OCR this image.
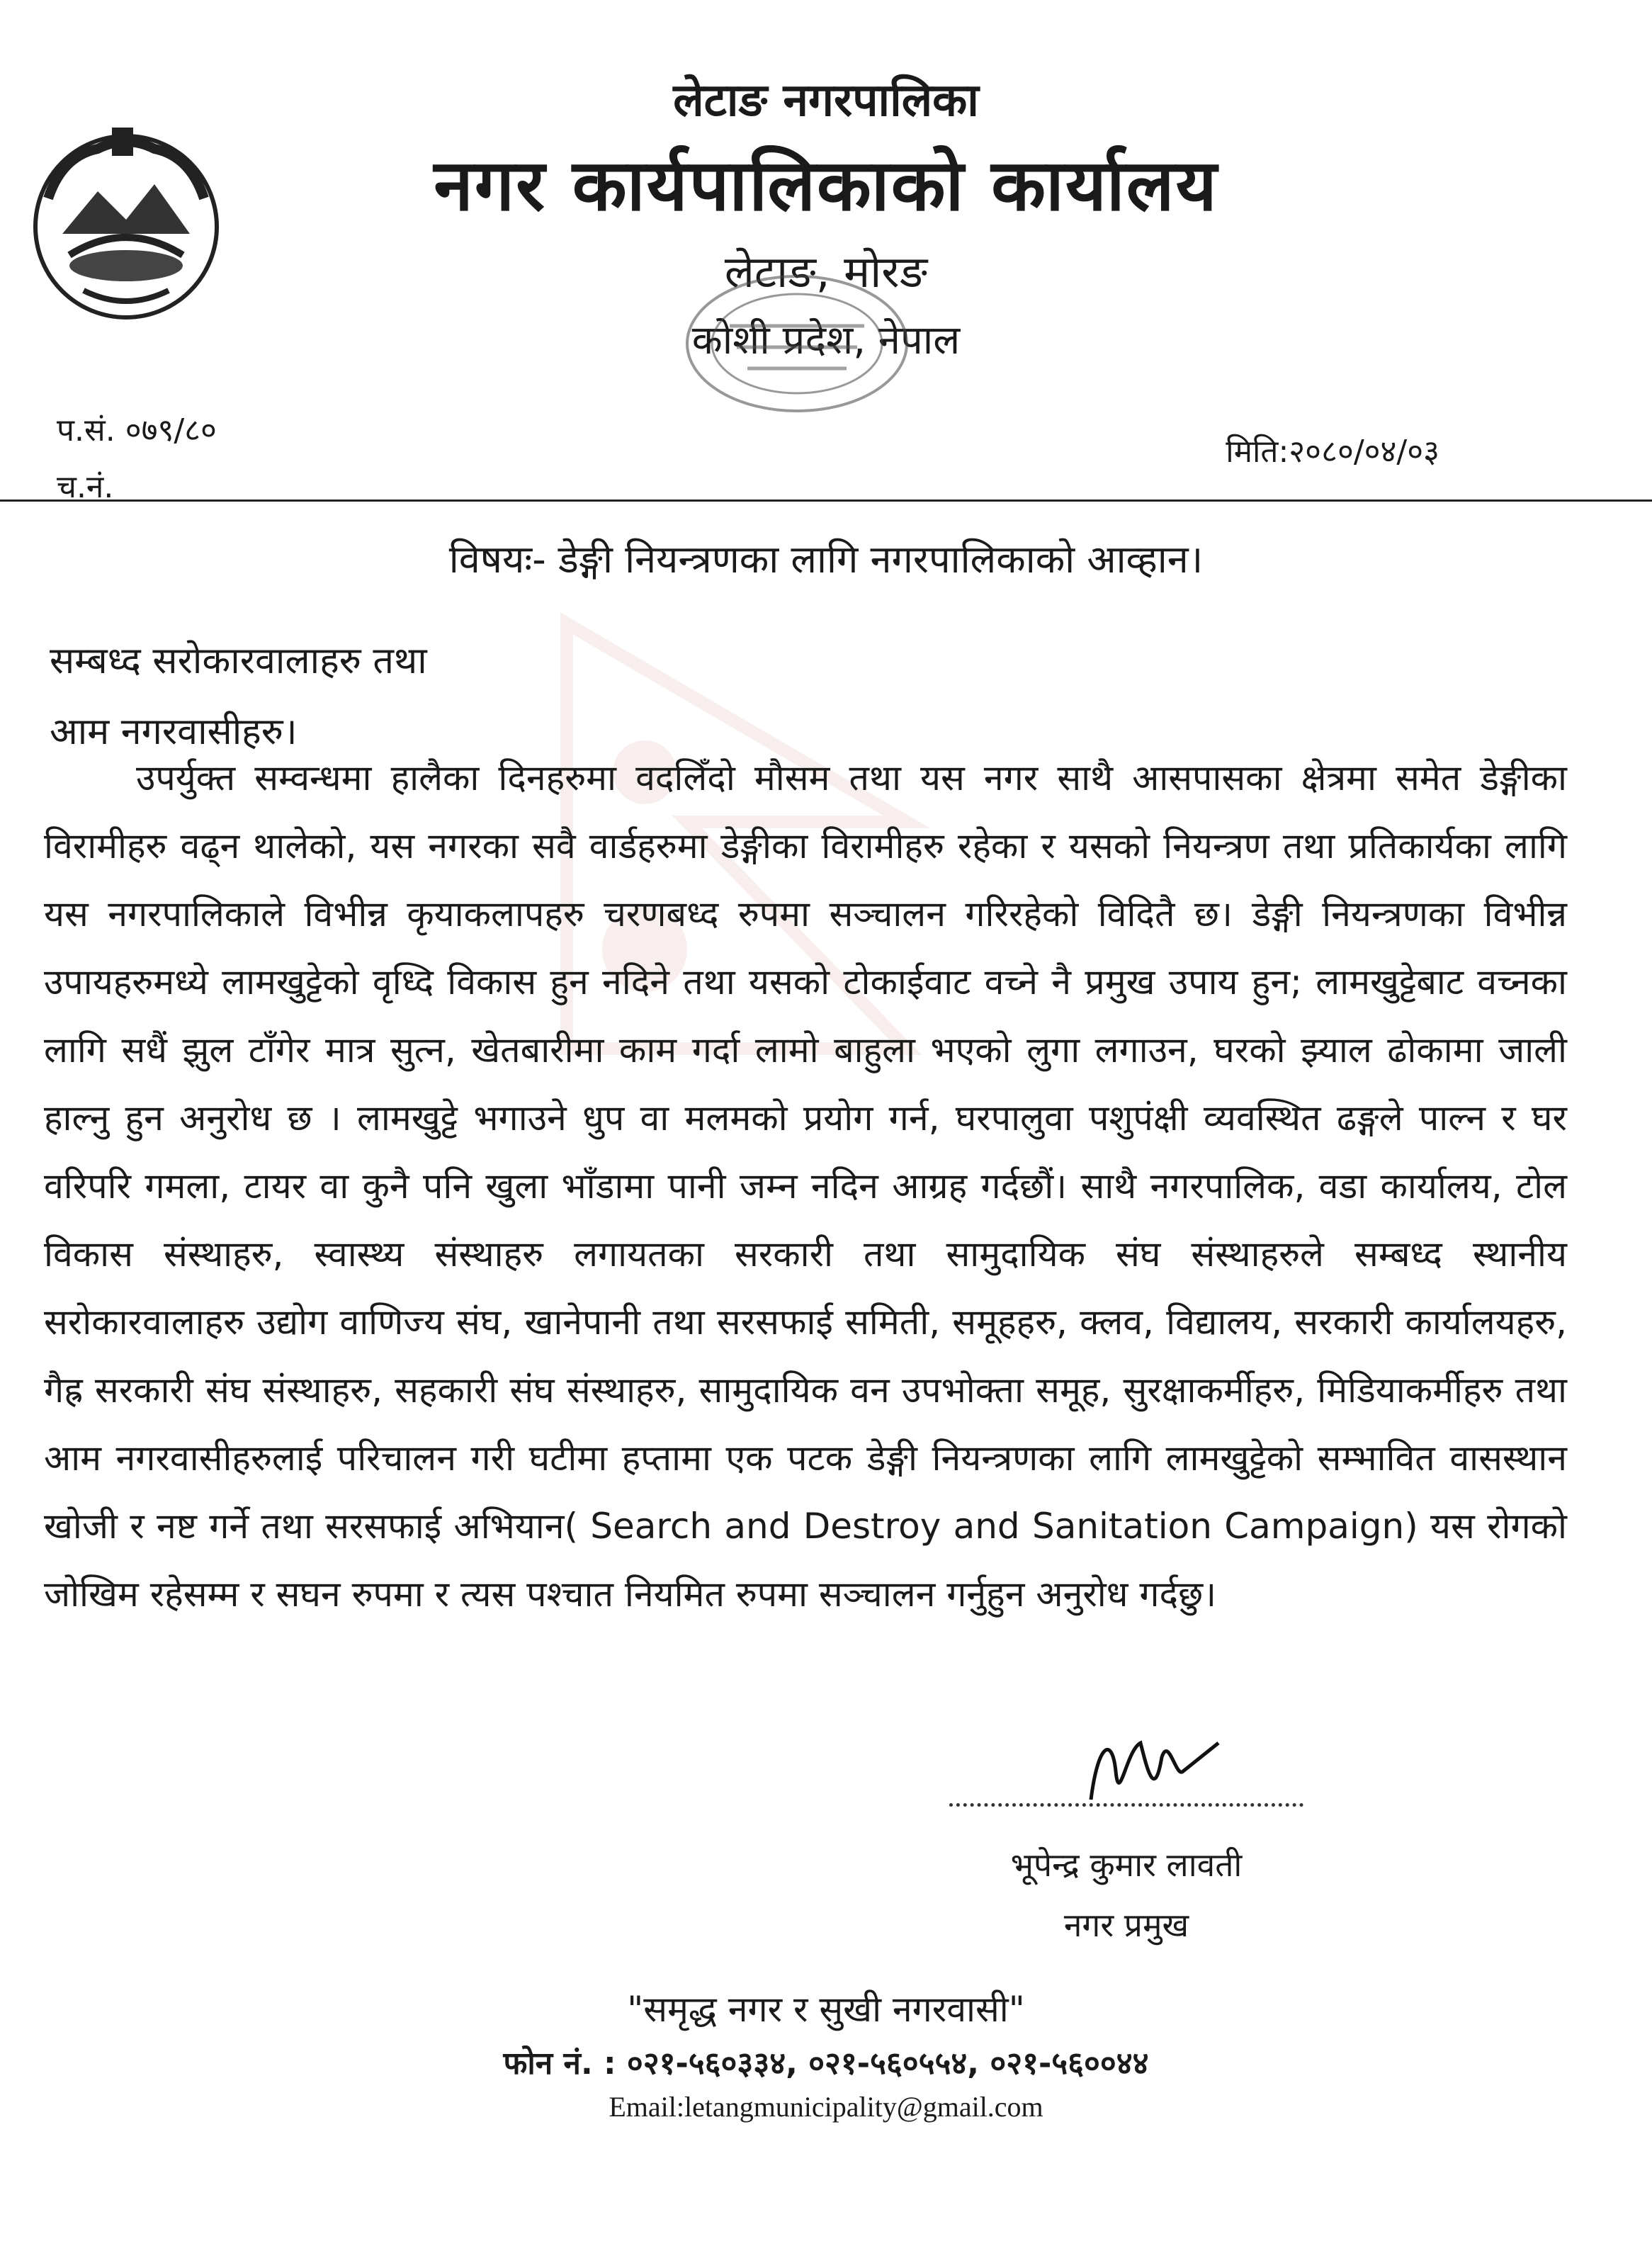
लेटाङ नगरपालिका
नगर कार्यपालिकाको कार्यालय
लेटाङ, मोरङ
कोशी प्रदेश, नेपाल
प.सं. ०७९/८०
च.नं.
मिति:२०८०/०४/०३
विषयः- डेङ्गी नियन्त्रणका लागि नगरपालिकाको आव्हान।
सम्बध्द सरोकारवालाहरु तथा
आम नगरवासीहरु।

उपर्युक्त सम्वन्धमा हालैका दिनहरुमा वदलिँदो मौसम तथा यस नगर साथै आसपासका क्षेत्रमा समेत डेङ्गीका विरामीहरु वढ्न थालेको, यस नगरका सवै वार्डहरुमा डेङ्गीका विरामीहरु रहेका र यसको नियन्त्रण तथा प्रतिकार्यका लागि यस नगरपालिकाले विभीन्न कृयाकलापहरु चरणबध्द रुपमा सञ्चालन गरिरहेको विदितै छ। डेङ्गी नियन्त्रणका विभीन्न उपायहरुमध्ये लामखुट्टेको वृध्दि विकास हुन नदिने तथा यसको टोकाईवाट वच्ने नै प्रमुख उपाय हुन; लामखुट्टेबाट वच्नका लागि सधैं झुल टाँगेर मात्र सुत्न, खेतबारीमा काम गर्दा लामो बाहुला भएको लुगा लगाउन, घरको झ्याल ढोकामा जाली हाल्नु हुन अनुरोध छ । लामखुट्टे भगाउने धुप वा मलमको प्रयोग गर्न, घरपालुवा पशुपंक्षी व्यवस्थित ढङ्गले पाल्न र घर वरिपरि गमला, टायर वा कुनै पनि खुला भाँडामा पानी जम्न नदिन आग्रह गर्दछौं। साथै नगरपालिक, वडा कार्यालय, टोल विकास संस्थाहरु, स्वास्थ्य संस्थाहरु लगायतका सरकारी तथा सामुदायिक संघ संस्थाहरुले सम्बध्द स्थानीय सरोकारवालाहरु उद्योग वाणिज्य संघ, खानेपानी तथा सरसफाई समिती, समूहहरु, क्लव, विद्यालय, सरकारी कार्यालयहरु, गैह्र सरकारी संघ संस्थाहरु, सहकारी संघ संस्थाहरु, सामुदायिक वन उपभोक्ता समूह, सुरक्षाकर्मीहरु, मिडियाकर्मीहरु तथा आम नगरवासीहरुलाई परिचालन गरी घटीमा हप्तामा एक पटक डेङ्गी नियन्त्रणका लागि लामखुट्टेको सम्भावित वासस्थान खोजी र नष्ट गर्ने तथा सरसफाई अभियान( Search and Destroy and Sanitation Campaign) यस रोगको जोखिम रहेसम्म र सघन रुपमा र त्यस पश्चात नियमित रुपमा सञ्चालन गर्नुहुन अनुरोध गर्दछु।

भूपेन्द्र कुमार लावती
नगर प्रमुख
"समृद्ध नगर र सुखी नगरवासी"
फोन नं. : ०२१-५६०३३४, ०२१-५६०५५४, ०२१-५६००४४
Email:letangmunicipality@gmail.com
